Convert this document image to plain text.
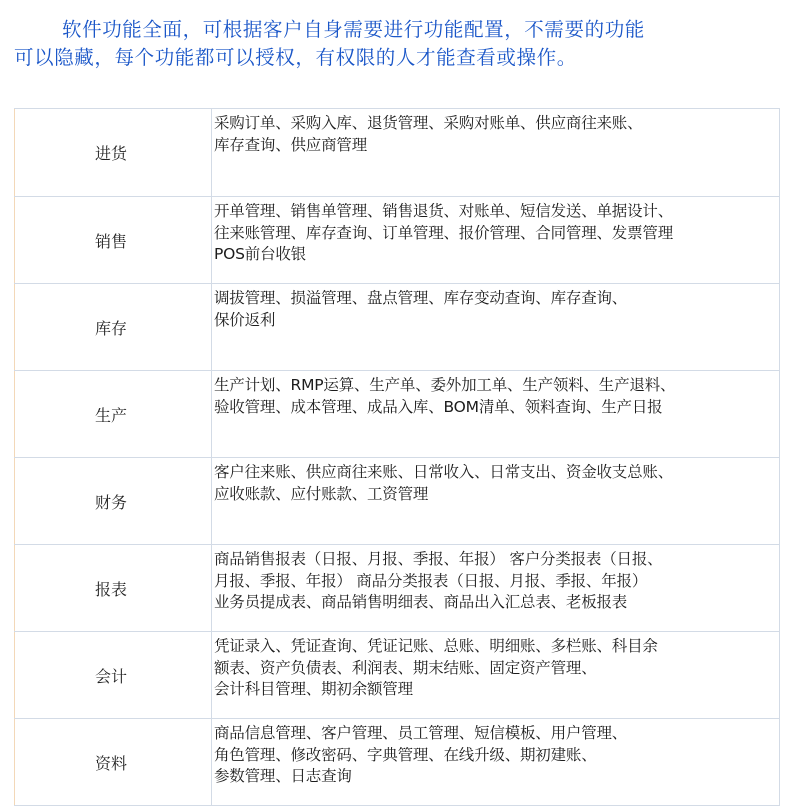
软件功能全面，可根据客户自身需要进行功能配置，不需要的功能
可以隐藏，每个功能都可以授权，有权限的人才能查看或操作。

进货	采购订单、采购入库、退货管理、采购对账单、供应商往来账、
库存查询、供应商管理

销售	开单管理、销售单管理、销售退货、对账单、短信发送、单据设计、
往来账管理、库存查询、订单管理、报价管理、合同管理、发票管理
POS前台收银

库存	调拔管理、损溢管理、盘点管理、库存变动查询、库存查询、
保价返利

生产	生产计划、RMP运算、生产单、委外加工单、生产领料、生产退料、
验收管理、成本管理、成品入库、BOM清单、领料查询、生产日报

财务	客户往来账、供应商往来账、日常收入、日常支出、资金收支总账、
应收账款、应付账款、工资管理

报表	商品销售报表（日报、月报、季报、年报） 客户分类报表（日报、
月报、季报、年报） 商品分类报表（日报、月报、季报、年报）
业务员提成表、商品销售明细表、商品出入汇总表、老板报表

会计	凭证录入、凭证查询、凭证记账、总账、明细账、多栏账、科目余
额表、资产负债表、利润表、期末结账、固定资产管理、
会计科目管理、期初余额管理

资料	商品信息管理、客户管理、员工管理、短信模板、用户管理、
角色管理、修改密码、字典管理、在线升级、期初建账、
参数管理、日志查询
